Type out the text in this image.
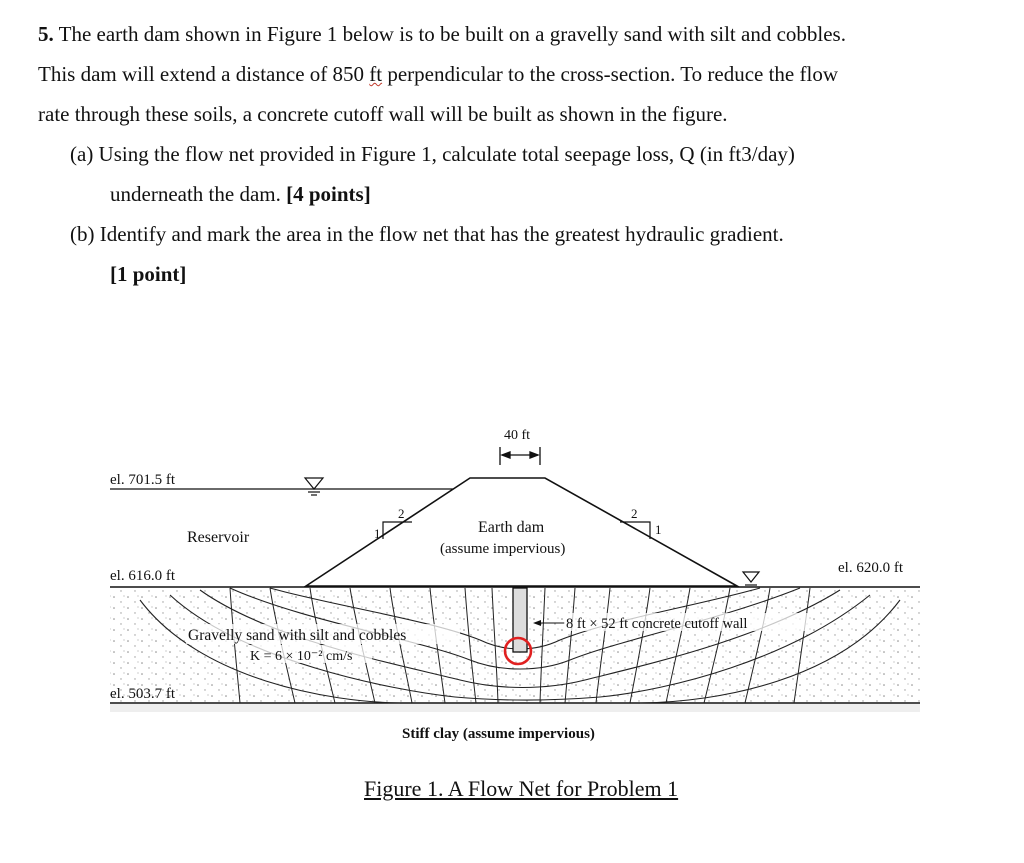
5. The earth dam shown in Figure 1 below is to be built on a gravelly sand with silt and cobbles.

This dam will extend a distance of 850 ft perpendicular to the cross-section. To reduce the flow

rate through these soils, a concrete cutoff wall will be built as shown in the figure.

(a) Using the flow net provided in Figure 1, calculate total seepage loss, Q (in ft3/day)

underneath the dam. [4 points]

(b) Identify and mark the area in the flow net that has the greatest hydraulic gradient.

[1 point]

40 ft
el. 701.5 ft
Reservoir
Earth dam
(assume impervious)
2
1
2
1
el. 616.0 ft	el. 620.0 ft
el. 503.7 ft
Stiff clay (assume impervious)
Gravelly sand with silt and cobbles
K = 6 × 10⁻² cm/s
8 ft × 52 ft concrete cutoff wall
Figure 1. A Flow Net for Problem 1
